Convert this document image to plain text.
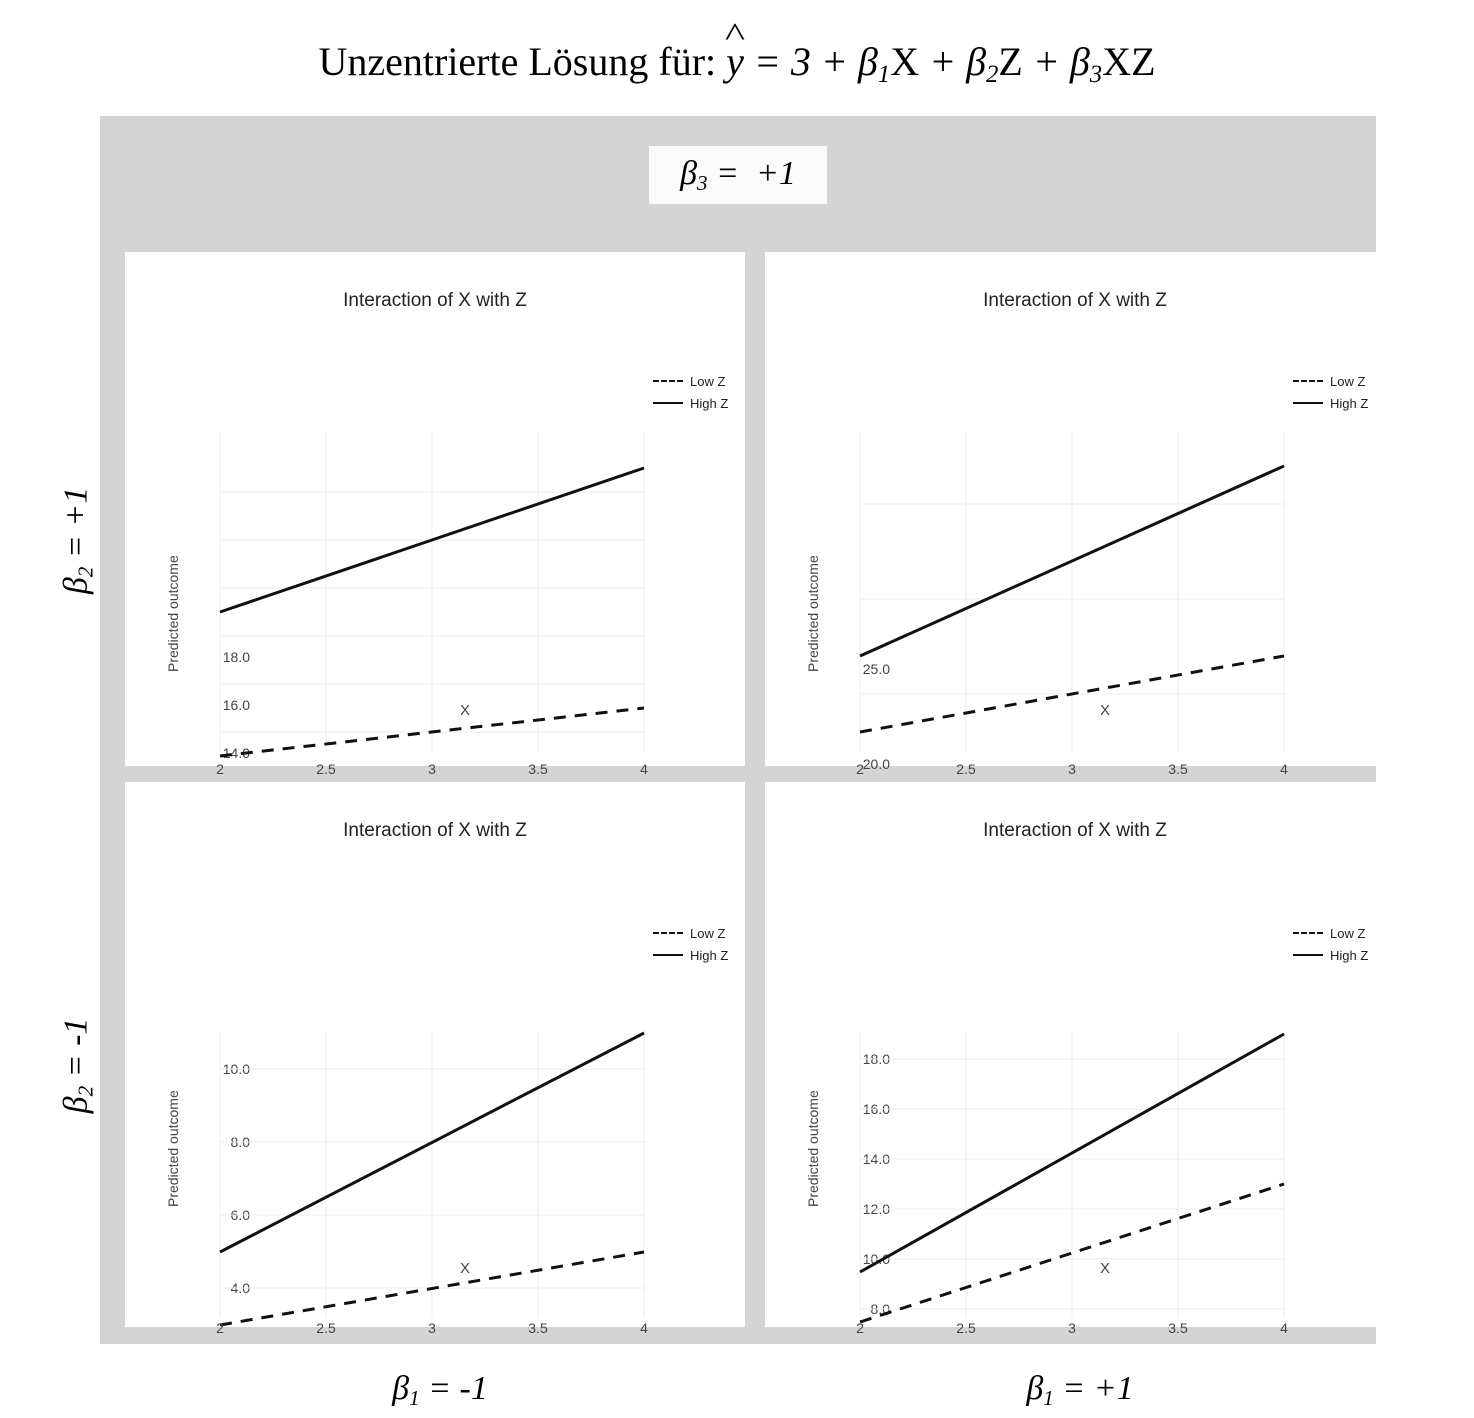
Unzentrierte Lösung für: y ^ = $3 + \beta_1X + \beta_2Z + \beta_3XZ$
$\beta_3 = +1$
Interaction of X with Z
Predicted outcome
X
18.0
16.0
14.0
2	2.5	3	3.5	4
Low Z
High Z
Interaction of X with Z
Predicted outcome
X
25.0
20.0
2	2.5	3	3.5	4
Low Z
High Z
Interaction of X with Z
Predicted outcome
X
10.0
8.0
6.0
4.0
2	2.5	3	3.5	4
Low Z
High Z
Interaction of X with Z
Predicted outcome
X
18.0
16.0
14.0
12.0
10.0
8.0
2	2.5	3	3.5	4
Low Z
High Z
$\beta_2 = +1$
$\beta_2 = -1$
$\beta_1 = -1$	$\beta_1 = +1$
